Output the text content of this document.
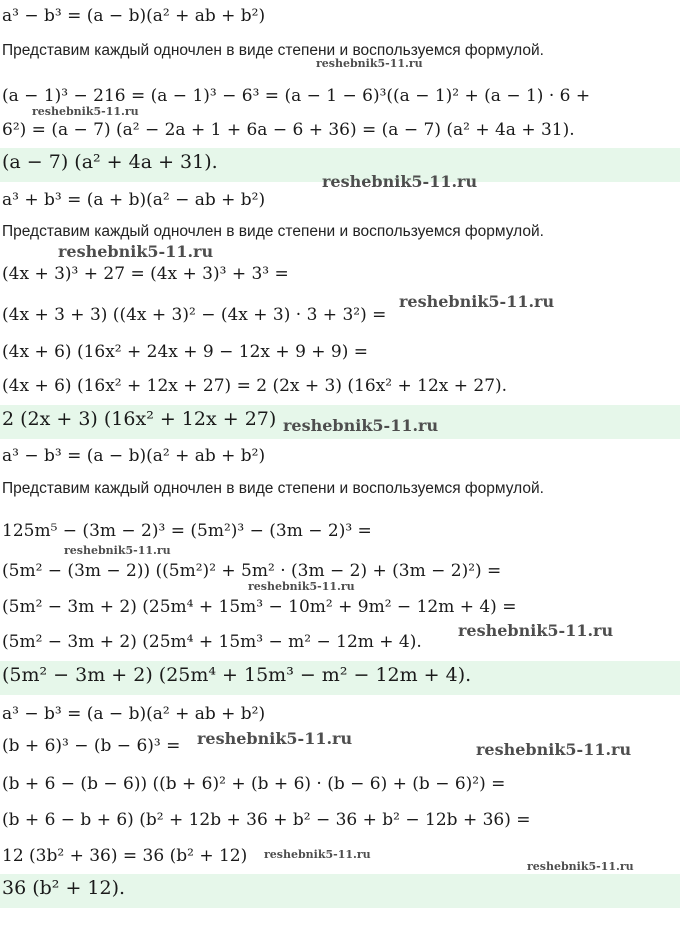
a³ − b³ = (a − b)(a² + ab + b²)
Представим каждый одночлен в виде степени и воспользуемся формулой.
(a − 1)³ − 216 = (a − 1)³ − 6³ = (a − 1 − 6)³((a − 1)² + (a − 1) · 6 +
6²) = (a − 7) (a² − 2a + 1 + 6a − 6 + 36) = (a − 7) (a² + 4a + 31).
(a − 7) (a² + 4a + 31).
a³ + b³ = (a + b)(a² − ab + b²)
Представим каждый одночлен в виде степени и воспользуемся формулой.
(4x + 3)³ + 27 = (4x + 3)³ + 3³ =
(4x + 3 + 3) ((4x + 3)² − (4x + 3) · 3 + 3²) =
(4x + 6) (16x² + 24x + 9 − 12x + 9 + 9) =
(4x + 6) (16x² + 12x + 27) = 2 (2x + 3) (16x² + 12x + 27).
2 (2x + 3) (16x² + 12x + 27)
a³ − b³ = (a − b)(a² + ab + b²)
Представим каждый одночлен в виде степени и воспользуемся формулой.
125m⁵ − (3m − 2)³ = (5m²)³ − (3m − 2)³ =
(5m² − (3m − 2)) ((5m²)² + 5m² · (3m − 2) + (3m − 2)²) =
(5m² − 3m + 2) (25m⁴ + 15m³ − 10m² + 9m² − 12m + 4) =
(5m² − 3m + 2) (25m⁴ + 15m³ − m² − 12m + 4).
(5m² − 3m + 2) (25m⁴ + 15m³ − m² − 12m + 4).
a³ − b³ = (a − b)(a² + ab + b²)
(b + 6)³ − (b − 6)³ =
(b + 6 − (b − 6)) ((b + 6)² + (b + 6) · (b − 6) + (b − 6)²) =
(b + 6 − b + 6) (b² + 12b + 36 + b² − 36 + b² − 12b + 36) =
12 (3b² + 36) = 36 (b² + 12)
36 (b² + 12).
reshebnik5-11.ru
reshebnik5-11.ru
reshebnik5-11.ru
reshebnik5-11.ru
reshebnik5-11.ru
reshebnik5-11.ru
reshebnik5-11.ru
reshebnik5-11.ru
reshebnik5-11.ru
reshebnik5-11.ru
reshebnik5-11.ru
reshebnik5-11.ru
reshebnik5-11.ru
